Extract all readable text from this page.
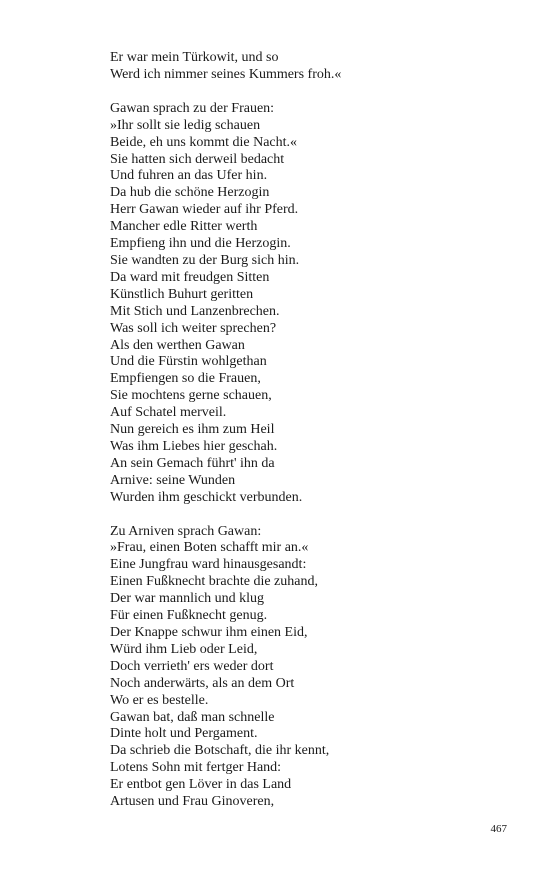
Er war mein Türkowit, und so
Werd ich nimmer seines Kummers froh.«
Gawan sprach zu der Frauen:
»Ihr sollt sie ledig schauen
Beide, eh uns kommt die Nacht.«
Sie hatten sich derweil bedacht
Und fuhren an das Ufer hin.
Da hub die schöne Herzogin
Herr Gawan wieder auf ihr Pferd.
Mancher edle Ritter werth
Empfieng ihn und die Herzogin.
Sie wandten zu der Burg sich hin.
Da ward mit freudgen Sitten
Künstlich Buhurt geritten
Mit Stich und Lanzenbrechen.
Was soll ich weiter sprechen?
Als den werthen Gawan
Und die Fürstin wohlgethan
Empfiengen so die Frauen,
Sie mochtens gerne schauen,
Auf Schatel merveil.
Nun gereich es ihm zum Heil
Was ihm Liebes hier geschah.
An sein Gemach führt' ihn da
Arnive: seine Wunden
Wurden ihm geschickt verbunden.
Zu Arniven sprach Gawan:
»Frau, einen Boten schafft mir an.«
Eine Jungfrau ward hinausgesandt:
Einen Fußknecht brachte die zuhand,
Der war mannlich und klug
Für einen Fußknecht genug.
Der Knappe schwur ihm einen Eid,
Würd ihm Lieb oder Leid,
Doch verrieth' ers weder dort
Noch anderwärts, als an dem Ort
Wo er es bestelle.
Gawan bat, daß man schnelle
Dinte holt und Pergament.
Da schrieb die Botschaft, die ihr kennt,
Lotens Sohn mit fertger Hand:
Er entbot gen Löver in das Land
Artusen und Frau Ginoveren,
467
